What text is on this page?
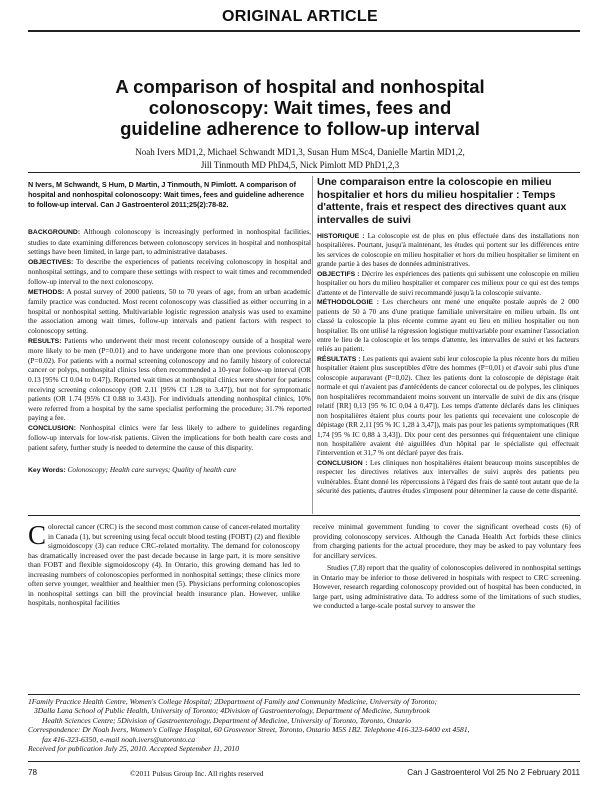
ORIGINAL ARTICLE
A comparison of hospital and nonhospital
colonoscopy: Wait times, fees and
guideline adherence to follow-up interval
Noah Ivers MD1,2, Michael Schwandt MD1,3, Susan Hum MSc4, Danielle Martin MD1,2,
Jill Tinmouth MD PhD4,5, Nick Pimlott MD PhD1,2,3
N Ivers, M Schwandt, S Hum, D Martin, J Tinmouth, N Pimlott. A comparison of hospital and nonhospital colonoscopy: Wait times, fees and guideline adherence to follow-up interval. Can J Gastroenterol 2011;25(2):78-82.

BACKGROUND: Although colonoscopy is increasingly performed in nonhospital facilities, studies to date examining differences between colonoscopy services in hospital and nonhospital settings have been limited, in large part, to administrative databases.

OBJECTIVES: To describe the experiences of patients receiving colonoscopy in hospital and nonhospital settings, and to compare these settings with respect to wait times and recommended follow-up interval to the next colonoscopy.

METHODS: A postal survey of 2000 patients, 50 to 70 years of age, from an urban academic family practice was conducted. Most recent colonoscopy was classified as either occurring in a hospital or nonhospital setting. Multivariable logistic regression analysis was used to examine the association among wait times, follow-up intervals and patient factors with respect to colonoscopy setting.

RESULTS: Patients who underwent their most recent colonoscopy outside of a hospital were more likely to be men (P=0.01) and to have undergone more than one previous colonoscopy (P=0.02). For patients with a normal screening colonoscopy and no family history of colorectal cancer or polyps, nonhospital clinics less often recommended a 10-year follow-up interval (OR 0.13 [95% CI 0.04 to 0.47]). Reported wait times at nonhospital clinics were shorter for patients receiving screening colonoscopy (OR 2.11 [95% CI 1.28 to 3.47]), but not for symptomatic patients (OR 1.74 [95% CI 0.88 to 3.43]). For individuals attending nonhospital clinics, 10% were referred from a hospital by the same specialist performing the procedure; 31.7% reported paying a fee.

CONCLUSION: Nonhospital clinics were far less likely to adhere to guidelines regarding follow-up intervals for low-risk patients. Given the implications for both health care costs and patient safety, further study is needed to determine the cause of this disparity.

Key Words: Colonoscopy; Health care surveys; Quality of health care

Une comparaison entre la coloscopie en milieu hospitalier et hors du milieu hospitalier : Temps d'attente, frais et respect des directives quant aux intervalles de suivi

HISTORIQUE : La coloscopie est de plus en plus effectuée dans des installations non hospitalières. Pourtant, jusqu'à maintenant, les études qui portent sur les différences entre les services de coloscopie en milieu hospitalier et hors du milieu hospitalier se limitent en grande partie à des bases de données administratives.

OBJECTIFS : Décrire les expériences des patients qui subissent une coloscopie en milieu hospitalier ou hors du milieu hospitalier et comparer ces milieux pour ce qui est des temps d'attente et de l'intervalle de suivi recommandé jusqu'à la coloscopie suivante.

MÉTHODOLOGIE : Les chercheurs ont mené une enquête postale auprès de 2 000 patients de 50 à 70 ans d'une pratique familiale universitaire en milieu urbain. Ils ont classé la coloscopie la plus récente comme ayant eu lieu en milieu hospitalier ou non hospitalier. Ils ont utilisé la régression logistique multivariable pour examiner l'association entre le lieu de la coloscopie et les temps d'attente, les intervalles de suivi et les facteurs reliés au patient.

RÉSULTATS : Les patients qui avaient subi leur coloscopie la plus récente hors du milieu hospitalier étaient plus susceptibles d'être des hommes (P=0,01) et d'avoir subi plus d'une coloscopie auparavant (P=0,02). Chez les patients dont la coloscopie de dépistage était normale et qui n'avaient pas d'antécédents de cancer colorectal ou de polypes, les cliniques non hospitalières recommandaient moins souvent un intervalle de suivi de dix ans (risque relatif [RR] 0,13 [95 % IC 0,04 à 0,47]). Les temps d'attente déclarés dans les cliniques non hospitalières étaient plus courts pour les patients qui recevaient une coloscopie de dépistage (RR 2,11 [95 % IC 1,28 à 3,47]), mais pas pour les patients symptomatiques (RR 1,74 [95 % IC 0,88 à 3,43]). Dix pour cent des personnes qui fréquentaient une clinique non hospitalière avaient été aiguillées d'un hôpital par le spécialiste qui effectuait l'intervention et 31,7 % ont déclaré payer des frais.

CONCLUSION : Les cliniques non hospitalières étaient beaucoup moins susceptibles de respecter les directives relatives aux intervalles de suivi auprès des patients peu vulnérables. Étant donné les répercussions à l'égard des frais de santé tout autant que de la sécurité des patients, d'autres études s'imposent pour déterminer la cause de cette disparité.

Colorectal cancer (CRC) is the second most common cause of cancer-related mortality in Canada (1), but screening using fecal occult blood testing (FOBT) (2) and flexible sigmoidoscopy (3) can reduce CRC-related mortality. The demand for colonoscopy has dramatically increased over the past decade because in large part, it is more sensitive than FOBT and flexible sigmoidoscopy (4). In Ontario, this growing demand has led to increasing numbers of colonoscopies performed in nonhospital settings; these clinics more often serve younger, wealthier and healthier men (5). Physicians performing colonoscopies in nonhospital settings can bill the provincial health insurance plan. However, unlike hospitals, nonhospital facilities

receive minimal government funding to cover the significant overhead costs (6) of providing colonoscopy services. Although the Canada Health Act forbids these clinics from charging patients for the actual procedure, they may be asked to pay voluntary fees for ancillary services.

Studies (7,8) report that the quality of colonoscopies delivered in nonhospital settings in Ontario may be inferior to those delivered in hospitals with respect to CRC screening. However, research regarding colonoscopy provided out of hospital has been conducted, in large part, using administrative data. To address some of the limitations of such studies, we conducted a large-scale postal survey to answer the

1Family Practice Health Centre, Women's College Hospital; 2Department of Family and Community Medicine, University of Toronto;

3Dalla Lana School of Public Health, University of Toronto; 4Division of Gastroenterology, Department of Medicine, Sunnybrook

Health Sciences Centre; 5Division of Gastroenterology, Department of Medicine, University of Toronto, Toronto, Ontario

Correspondence: Dr Noah Ivers, Women's College Hospital, 60 Grosvenor Street, Toronto, Ontario M5S 1B2. Telephone 416-323-6400 ext 4581,

fax 416-323-6350, e-mail noah.ivers@utoronto.ca

Received for publication July 25, 2010. Accepted September 11, 2010

78	©2011 Pulsus Group Inc. All rights reserved	Can J Gastroenterol Vol 25 No 2 February 2011
